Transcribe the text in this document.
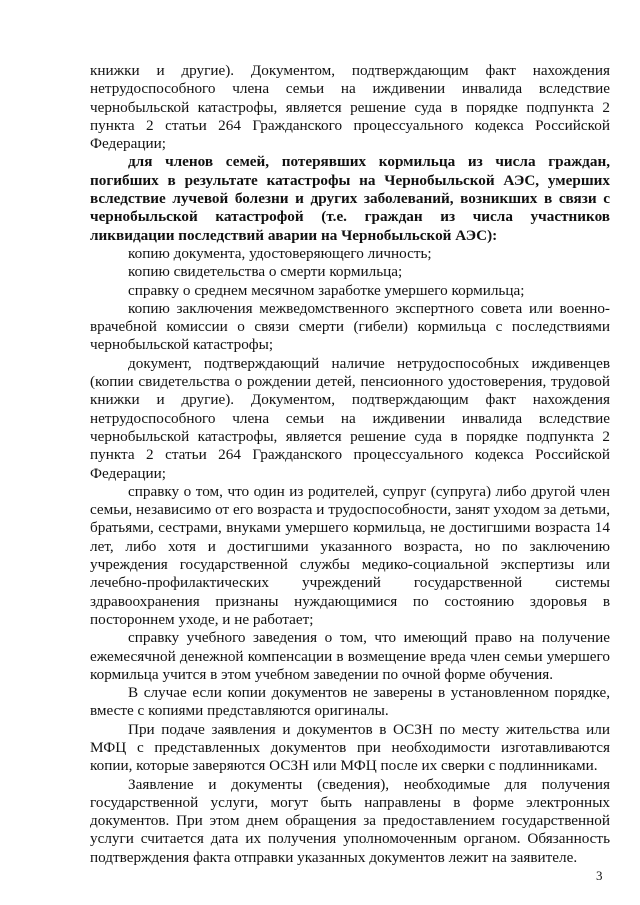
книжки и другие). Документом, подтверждающим факт нахождения нетрудоспособного члена семьи на иждивении инвалида вследствие чернобыльской катастрофы, является решение суда в порядке подпункта 2 пункта 2 статьи 264 Гражданского процессуального кодекса Российской Федерации;

для членов семей, потерявших кормильца из числа граждан, погибших в результате катастрофы на Чернобыльской АЭС, умерших вследствие лучевой болезни и других заболеваний, возникших в связи с чернобыльской катастрофой (т.е. граждан из числа участников ликвидации последствий аварии на Чернобыльской АЭС):

копию документа, удостоверяющего личность;

копию свидетельства о смерти кормильца;

справку о среднем месячном заработке умершего кормильца;

копию заключения межведомственного экспертного совета или военно-врачебной комиссии о связи смерти (гибели) кормильца с последствиями чернобыльской катастрофы;

документ, подтверждающий наличие нетрудоспособных иждивенцев (копии свидетельства о рождении детей, пенсионного удостоверения, трудовой книжки и другие). Документом, подтверждающим факт нахождения нетрудоспособного члена семьи на иждивении инвалида вследствие чернобыльской катастрофы, является решение суда в порядке подпункта 2 пункта 2 статьи 264 Гражданского процессуального кодекса Российской Федерации;

справку о том, что один из родителей, супруг (супруга) либо другой член семьи, независимо от его возраста и трудоспособности, занят уходом за детьми, братьями, сестрами, внуками умершего кормильца, не достигшими возраста 14 лет, либо хотя и достигшими указанного возраста, но по заключению учреждения государственной службы медико-социальной экспертизы или лечебно-профилактических учреждений государственной системы здравоохранения признаны нуждающимися по состоянию здоровья в постороннем уходе, и не работает;

справку учебного заведения о том, что имеющий право на получение ежемесячной денежной компенсации в возмещение вреда член семьи умершего кормильца учится в этом учебном заведении по очной форме обучения.

В случае если копии документов не заверены в установленном порядке, вместе с копиями представляются оригиналы.

При подаче заявления и документов в ОСЗН по месту жительства или МФЦ с представленных документов при необходимости изготавливаются копии, которые заверяются ОСЗН или МФЦ после их сверки с подлинниками.

Заявление и документы (сведения), необходимые для получения государственной услуги, могут быть направлены в форме электронных документов. При этом днем обращения за предоставлением государственной услуги считается дата их получения уполномоченным органом. Обязанность подтверждения факта отправки указанных документов лежит на заявителе.

3
